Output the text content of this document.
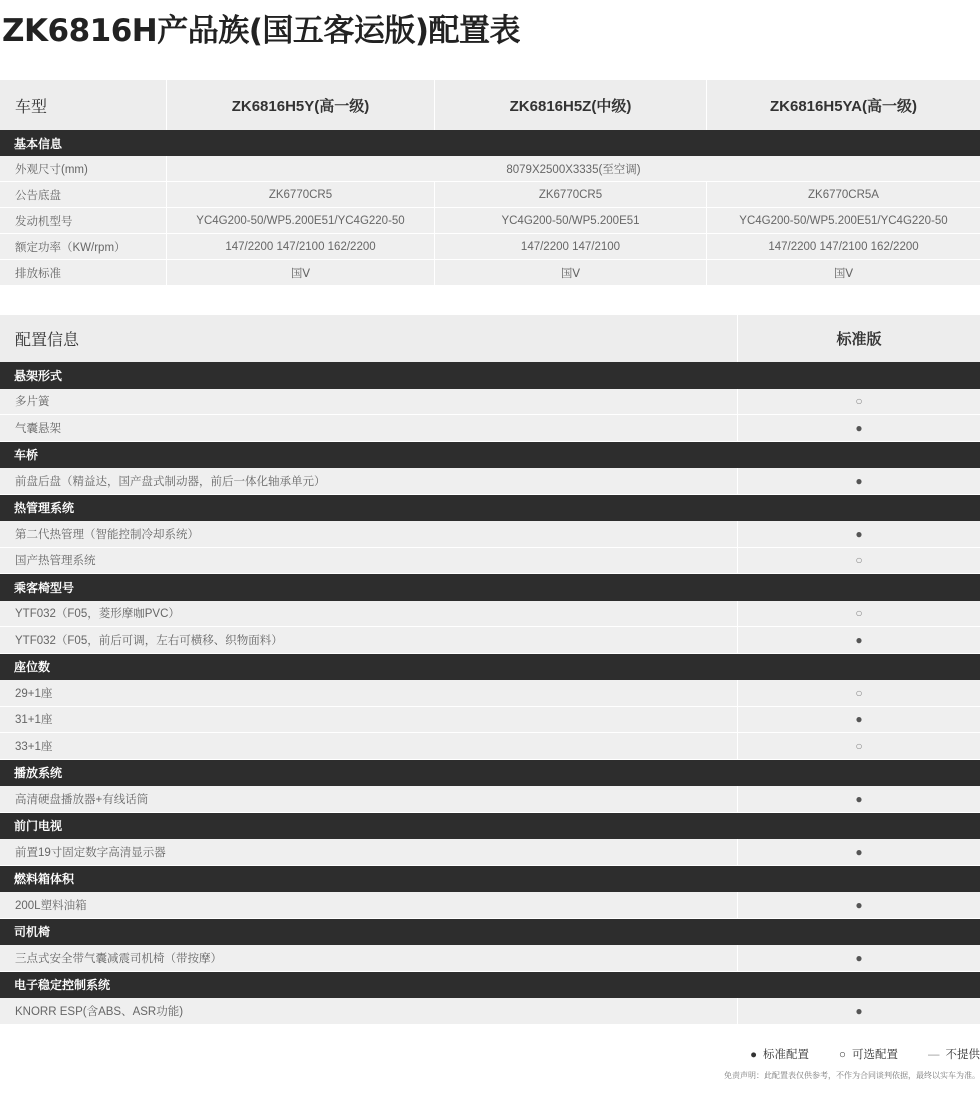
ZK6816H产品族(国五客运版)配置表
车型	ZK6816H5Y(高一级)	ZK6816H5Z(中级)	ZK6816H5YA(高一级)
基本信息
外观尺寸(mm)	8079X2500X3335(至空调)
公告底盘	ZK6770CR5	ZK6770CR5	ZK6770CR5A
发动机型号	YC4G200-50/WP5.200E51/YC4G220-50	YC4G200-50/WP5.200E51	YC4G200-50/WP5.200E51/YC4G220-50
额定功率（KW/rpm）	147/2200 147/2100 162/2200	147/2200 147/2100	147/2200 147/2100 162/2200
排放标准	国Ⅴ	国Ⅴ	国Ⅴ
配置信息	标准版
悬架形式
多片簧	○
气囊悬架	●
车桥
前盘后盘（精益达，国产盘式制动器，前后一体化轴承单元）	●
热管理系统
第二代热管理（智能控制冷却系统）	●
国产热管理系统	○
乘客椅型号
YTF032（F05，菱形摩咖PVC）	○
YTF032（F05，前后可调，左右可横移、织物面料）	●
座位数
29+1座	○
31+1座	●
33+1座	○
播放系统
高清硬盘播放器+有线话筒	●
前门电视
前置19寸固定数字高清显示器	●
燃料箱体积
200L塑料油箱	●
司机椅
三点式安全带气囊减震司机椅（带按摩）	●
电子稳定控制系统
KNORR ESP(含ABS、ASR功能)	●
● 标准配置	○ 可选配置	— 不提供
免责声明：此配置表仅供参考，不作为合同谈判依据，最终以实车为准。
